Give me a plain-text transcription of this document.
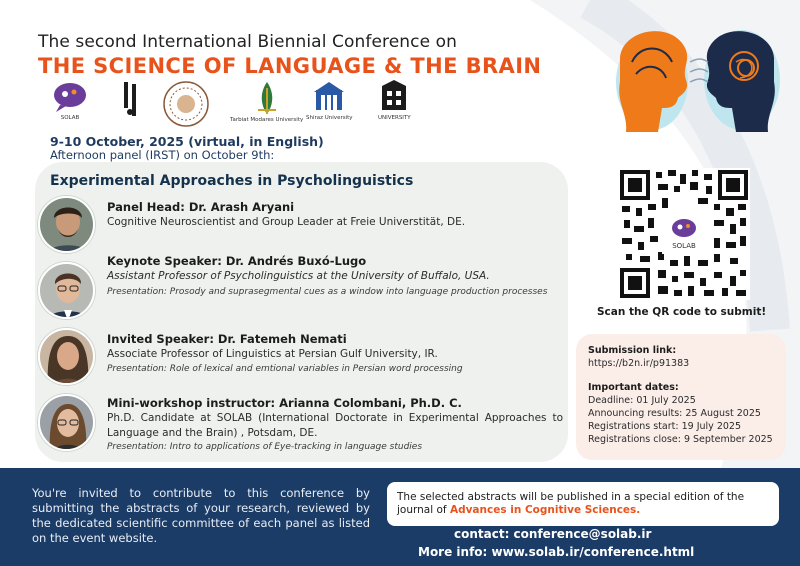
The second International Biennial Conference on
THE SCIENCE OF LANGUAGE & THE BRAIN
SOLAB	Tarbiat Modares University Shiraz University	UNIVERSITY
9-10 October, 2025 (virtual, in English)
Afternoon panel (IRST) on October 9th:
Experimental Approaches in Psycholinguistics
Panel Head: Dr. Arash Aryani
Cognitive Neuroscientist and Group Leader at Freie Universtität, DE.
Keynote Speaker: Dr. Andrés Buxó-Lugo
Assistant Professor of Psycholinguistics at the University of Buffalo, USA.
Presentation: Prosody and suprasegmental cues as a window into language production processes
Invited Speaker: Dr. Fatemeh Nemati
Associate Professor of Linguistics at Persian Gulf University, IR.
Presentation: Role of lexical and emtional variables in Persian word processing
Mini-workshop instructor: Arianna Colombani, Ph.D. C.
Ph.D. Candidate at SOLAB (International Doctorate in Experimental Approaches to Language and the Brain) , Potsdam, DE.
Presentation: Intro to applications of Eye-tracking in language studies
SOLAB
Scan the QR code to submit!
Submission link:
https://b2n.ir/p91383
Important dates:
Deadline: 01 July 2025
Announcing results: 25 August 2025
Registrations start: 19 July 2025
Registrations close: 9 September 2025
You're invited to contribute to this conference by submitting the abstracts of your research, reviewed by the dedicated scientific committee of each panel as listed on the event website.
The selected abstracts will be published in a special edition of the journal of Advances in Cognitive Sciences.
contact: conference@solab.ir
More info: www.solab.ir/conference.html
